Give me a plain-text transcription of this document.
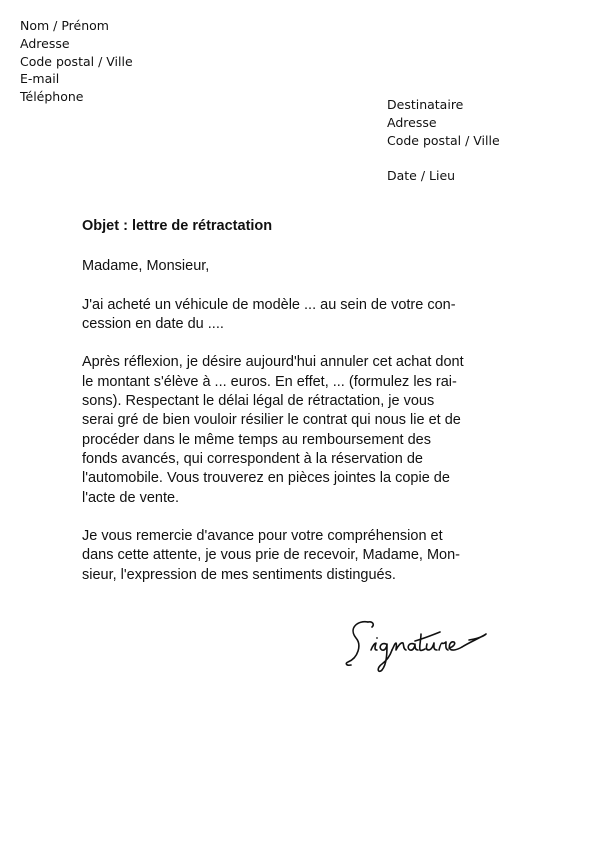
Nom / Prénom
Adresse
Code postal / Ville
E-mail
Téléphone
Destinataire
Adresse
Code postal / Ville
Date / Lieu
Objet : lettre de rétractation

Madame, Monsieur,

J'ai acheté un véhicule de modèle ... au sein de votre con-
cession en date du ....

Après réflexion, je désire aujourd'hui annuler cet achat dont
le montant s'élève à ... euros. En effet, ... (formulez les rai-
sons). Respectant le délai légal de rétractation, je vous
serai gré de bien vouloir résilier le contrat qui nous lie et de
procéder dans le même temps au remboursement des
fonds avancés, qui correspondent à la réservation de
l'automobile. Vous trouverez en pièces jointes la copie de
l'acte de vente.

Je vous remercie d'avance pour votre compréhension et
dans cette attente, je vous prie de recevoir, Madame, Mon-
sieur, l'expression de mes sentiments distingués.
